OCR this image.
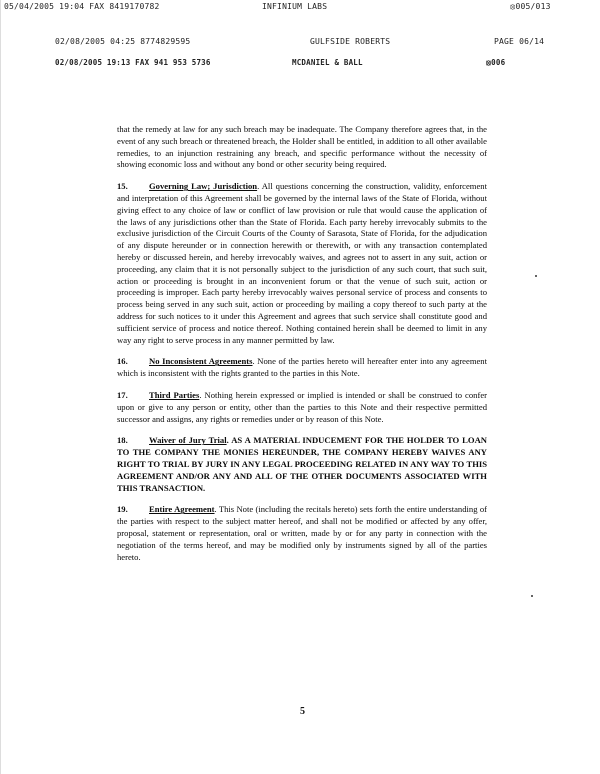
05/04/2005 19:04 FAX 8419170782	INFINIUM LABS	⦻005/013
02/08/2005 04:25 8774829595	GULFSIDE ROBERTS	PAGE 06/14
02/08/2005 19:13 FAX 941 953 5736	MCDANIEL & BALL	⦻006

that the remedy at law for any such breach may be inadequate. The Company therefore agrees that, in the event of any such breach or threatened breach, the Holder shall be entitled, in addition to all other available remedies, to an injunction restraining any breach, and specific performance without the necessity of showing economic loss and without any bond or other security being required.

15. Governing Law; Jurisdiction. All questions concerning the construction, validity, enforcement and interpretation of this Agreement shall be governed by the internal laws of the State of Florida, without giving effect to any choice of law or conflict of law provision or rule that would cause the application of the laws of any jurisdictions other than the State of Florida. Each party hereby irrevocably submits to the exclusive jurisdiction of the Circuit Courts of the County of Sarasota, State of Florida, for the adjudication of any dispute hereunder or in connection herewith or therewith, or with any transaction contemplated hereby or discussed herein, and hereby irrevocably waives, and agrees not to assert in any suit, action or proceeding, any claim that it is not personally subject to the jurisdiction of any such court, that such suit, action or proceeding is brought in an inconvenient forum or that the venue of such suit, action or proceeding is improper. Each party hereby irrevocably waives personal service of process and consents to process being served in any such suit, action or proceeding by mailing a copy thereof to such party at the address for such notices to it under this Agreement and agrees that such service shall constitute good and sufficient service of process and notice thereof. Nothing contained herein shall be deemed to limit in any way any right to serve process in any manner permitted by law.

16. No Inconsistent Agreements. None of the parties hereto will hereafter enter into any agreement which is inconsistent with the rights granted to the parties in this Note.

17. Third Parties. Nothing herein expressed or implied is intended or shall be construed to confer upon or give to any person or entity, other than the parties to this Note and their respective permitted successor and assigns, any rights or remedies under or by reason of this Note.

18. Waiver of Jury Trial. AS A MATERIAL INDUCEMENT FOR THE HOLDER TO LOAN TO THE COMPANY THE MONIES HEREUNDER, THE COMPANY HEREBY WAIVES ANY RIGHT TO TRIAL BY JURY IN ANY LEGAL PROCEEDING RELATED IN ANY WAY TO THIS AGREEMENT AND/OR ANY AND ALL OF THE OTHER DOCUMENTS ASSOCIATED WITH THIS TRANSACTION.

19. Entire Agreement. This Note (including the recitals hereto) sets forth the entire understanding of the parties with respect to the subject matter hereof, and shall not be modified or affected by any offer, proposal, statement or representation, oral or written, made by or for any party in connection with the negotiation of the terms hereof, and may be modified only by instruments signed by all of the parties hereto.

5
